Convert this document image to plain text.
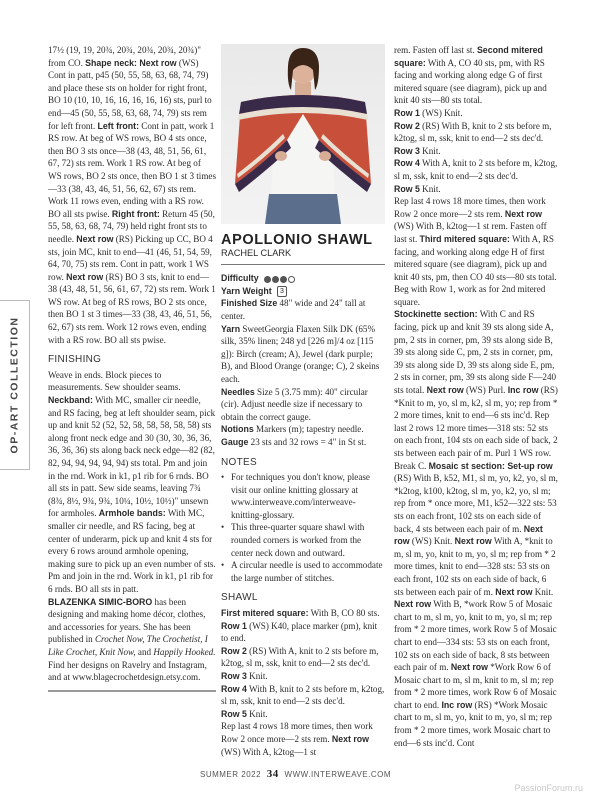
OP-ART COLLECTION

17½ (19, 19, 20¾, 20¾, 20¾, 20¾, 20¾)" from CO. Shape neck: Next row (WS) Cont in patt, p45 (50, 55, 58, 63, 68, 74, 79) and place these sts on holder for right front, BO 10 (10, 10, 16, 16, 16, 16, 16) sts, purl to end—45 (50, 55, 58, 63, 68, 74, 79) sts rem for left front. Left front: Cont in patt, work 1 RS row. At beg of WS rows, BO 4 sts once, then BO 3 sts once—38 (43, 48, 51, 56, 61, 67, 72) sts rem. Work 1 RS row. At beg of WS rows, BO 2 sts once, then BO 1 st 3 times—33 (38, 43, 46, 51, 56, 62, 67) sts rem. Work 11 rows even, ending with a RS row. BO all sts pwise. Right front: Return 45 (50, 55, 58, 63, 68, 74, 79) held right front sts to needle. Next row (RS) Picking up CC, BO 4 sts, join MC, knit to end—41 (46, 51, 54, 59, 64, 70, 75) sts rem. Cont in patt, work 1 WS row. Next row (RS) BO 3 sts, knit to end—38 (43, 48, 51, 56, 61, 67, 72) sts rem. Work 1 WS row. At beg of RS rows, BO 2 sts once, then BO 1 st 3 times—33 (38, 43, 46, 51, 56, 62, 67) sts rem. Work 12 rows even, ending with a RS row. BO all sts pwise.

FINISHING

Weave in ends. Block pieces to measurements. Sew shoulder seams. Neckband: With MC, smaller cir needle, and RS facing, beg at left shoulder seam, pick up and knit 52 (52, 52, 58, 58, 58, 58, 58) sts along front neck edge and 30 (30, 30, 36, 36, 36, 36, 36) sts along back neck edge—82 (82, 82, 94, 94, 94, 94, 94) sts total. Pm and join in the rnd. Work in k1, p1 rib for 6 rnds. BO all sts in patt. Sew side seams, leaving 7¾ (8¾, 8½, 9¾, 9¾, 10¼, 10½, 10½)" unsewn for armholes. Armhole bands: With MC, smaller cir needle, and RS facing, beg at center of underarm, pick up and knit 4 sts for every 6 rows around armhole opening, making sure to pick up an even number of sts. Pm and join in the rnd. Work in k1, p1 rib for 6 rnds. BO all sts in patt.

BLAZENKA SIMIC-BORO has been designing and making home décor, clothes, and accessories for years. She has been published in Crochet Now, The Crochetist, I Like Crochet, Knit Now, and Happily Hooked. Find her designs on Ravelry and Instagram, and at www.blagecrochetdesign.etsy.com.

APOLLONIO SHAWL
RACHEL CLARK

Difficulty

Yarn Weight 3

Finished Size 48" wide and 24" tall at center.

Yarn SweetGeorgia Flaxen Silk DK (65% silk, 35% linen; 248 yd [226 m]/4 oz [115 g]): Birch (cream; A), Jewel (dark purple; B), and Blood Orange (orange; C), 2 skeins each.

Needles Size 5 (3.75 mm): 40" circular (cir). Adjust needle size if necessary to obtain the correct gauge.

Notions Markers (m); tapestry needle.

Gauge 23 sts and 32 rows = 4" in St st.

NOTES
• For techniques you don't know, please visit our online knitting glossary at www.interweave.com/interweave-knitting-glossary.
• This three-quarter square shawl with rounded corners is worked from the center neck down and outward.
• A circular needle is used to accommodate the large number of stitches.
SHAWL

First mitered square: With B, CO 80 sts.

Row 1 (WS) K40, place marker (pm), knit to end.

Row 2 (RS) With A, knit to 2 sts before m, k2tog, sl m, ssk, knit to end—2 sts dec'd.

Row 3 Knit.

Row 4 With B, knit to 2 sts before m, k2tog, sl m, ssk, knit to end—2 sts dec'd.

Row 5 Knit.

Rep last 4 rows 18 more times, then work Row 2 once more—2 sts rem. Next row (WS) With A, k2tog—1 st

rem. Fasten off last st. Second mitered square: With A, CO 40 sts, pm, with RS facing and working along edge G of first mitered square (see diagram), pick up and knit 40 sts—80 sts total.
Row 1 (WS) Knit.
Row 2 (RS) With B, knit to 2 sts before m, k2tog, sl m, ssk, knit to end—2 sts dec'd.
Row 3 Knit.
Row 4 With A, knit to 2 sts before m, k2tog, sl m, ssk, knit to end—2 sts dec'd.
Row 5 Knit.
Rep last 4 rows 18 more times, then work Row 2 once more—2 sts rem. Next row (WS) With B, k2tog—1 st rem. Fasten off last st. Third mitered square: With A, RS facing, and working along edge H of first mitered square (see diagram), pick up and knit 40 sts, pm, then CO 40 sts—80 sts total. Beg with Row 1, work as for 2nd mitered square.
Stockinette section: With C and RS facing, pick up and knit 39 sts along side A, pm, 2 sts in corner, pm, 39 sts along side B, 39 sts along side C, pm, 2 sts in corner, pm, 39 sts along side D, 39 sts along side E, pm, 2 sts in corner, pm, 39 sts along side F—240 sts total. Next row (WS) Purl. Inc row (RS) *Knit to m, yo, sl m, k2, sl m, yo; rep from * 2 more times, knit to end—6 sts inc'd. Rep last 2 rows 12 more times—318 sts: 52 sts on each front, 104 sts on each side of back, 2 sts between each pair of m. Purl 1 WS row. Break C. Mosaic st section: Set-up row (RS) With B, k52, M1, sl m, yo, k2, yo, sl m, *k2tog, k100, k2tog, sl m, yo, k2, yo, sl m; rep from * once more, M1, k52—322 sts: 53 sts on each front, 102 sts on each side of back, 4 sts between each pair of m. Next row (WS) Knit. Next row With A, *knit to m, sl m, yo, knit to m, yo, sl m; rep from * 2 more times, knit to end—328 sts: 53 sts on each front, 102 sts on each side of back, 6 sts between each pair of m. Next row Knit. Next row With B, *work Row 5 of Mosaic chart to m, sl m, yo, knit to m, yo, sl m; rep from * 2 more times, work Row 5 of Mosaic chart to end—334 sts: 53 sts on each front, 102 sts on each side of back, 8 sts between each pair of m. Next row *Work Row 6 of Mosaic chart to m, sl m, knit to m, sl m; rep from * 2 more times, work Row 6 of Mosaic chart to end. Inc row (RS) *Work Mosaic chart to m, sl m, yo, knit to m, yo, sl m; rep from * 2 more times, work Mosaic chart to end—6 sts inc'd. Cont

SUMMER 2022 34 WWW.INTERWEAVE.COM
PassionForum.ru
